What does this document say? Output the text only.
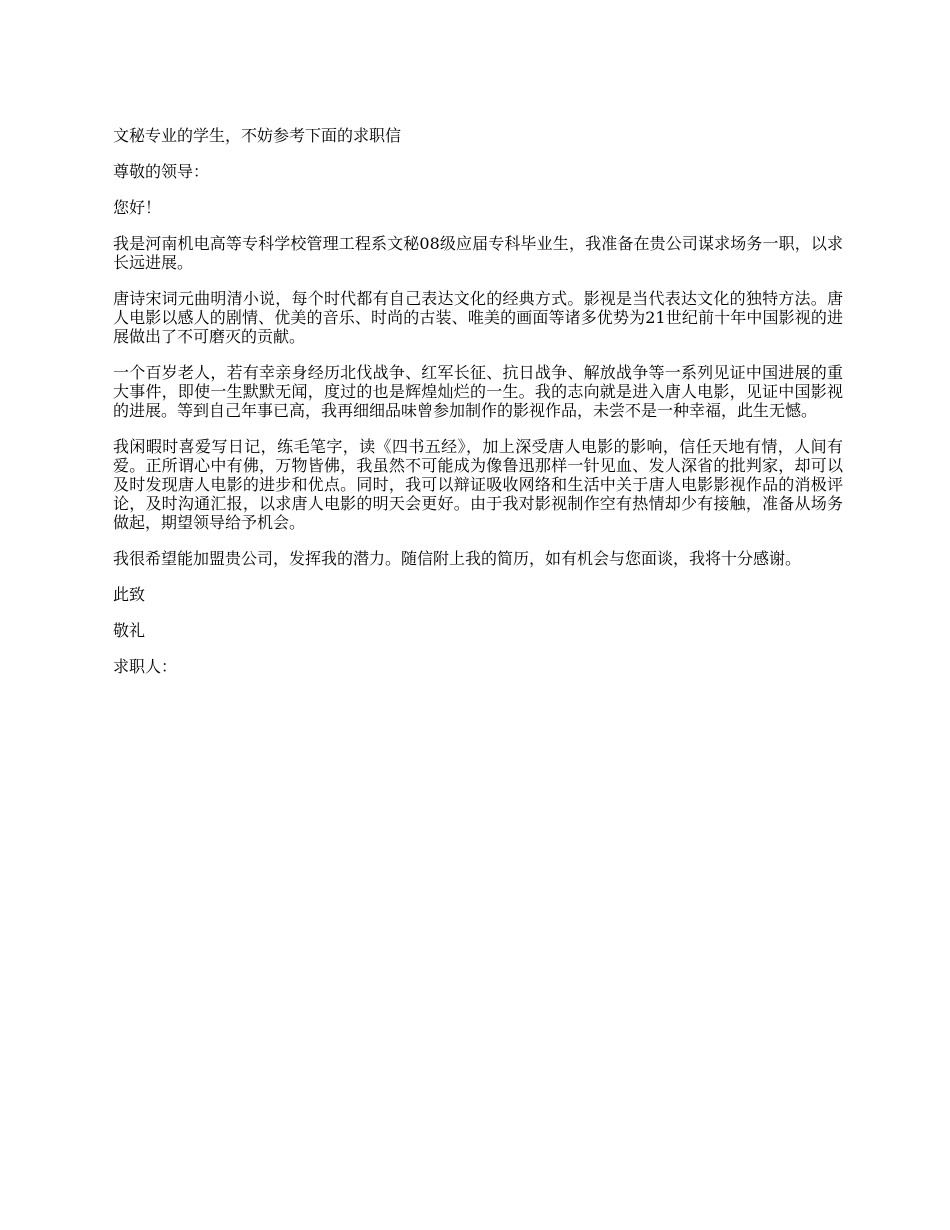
文秘专业的学生，不妨参考下面的求职信

尊敬的领导：

您好！

我是河南机电高等专科学校管理工程系文秘08级应届专科毕业生，我准备在贵公司谋求场务一职，以求长远进展。

唐诗宋词元曲明清小说，每个时代都有自己表达文化的经典方式。影视是当代表达文化的独特方法。唐人电影以感人的剧情、优美的音乐、时尚的古装、唯美的画面等诸多优势为21世纪前十年中国影视的进展做出了不可磨灭的贡献。

一个百岁老人，若有幸亲身经历北伐战争、红军长征、抗日战争、解放战争等一系列见证中国进展的重大事件，即使一生默默无闻，度过的也是辉煌灿烂的一生。我的志向就是进入唐人电影，见证中国影视的进展。等到自己年事已高，我再细细品味曾参加制作的影视作品，未尝不是一种幸福，此生无憾。

我闲暇时喜爱写日记，练毛笔字，读《四书五经》，加上深受唐人电影的影响，信任天地有情，人间有爱。正所谓心中有佛，万物皆佛，我虽然不可能成为像鲁迅那样一针见血、发人深省的批判家，却可以及时发现唐人电影的进步和优点。同时，我可以辩证吸收网络和生活中关于唐人电影影视作品的消极评论，及时沟通汇报，以求唐人电影的明天会更好。由于我对影视制作空有热情却少有接触，准备从场务做起，期望领导给予机会。

我很希望能加盟贵公司，发挥我的潜力。随信附上我的简历，如有机会与您面谈，我将十分感谢。

此致

敬礼

求职人：
